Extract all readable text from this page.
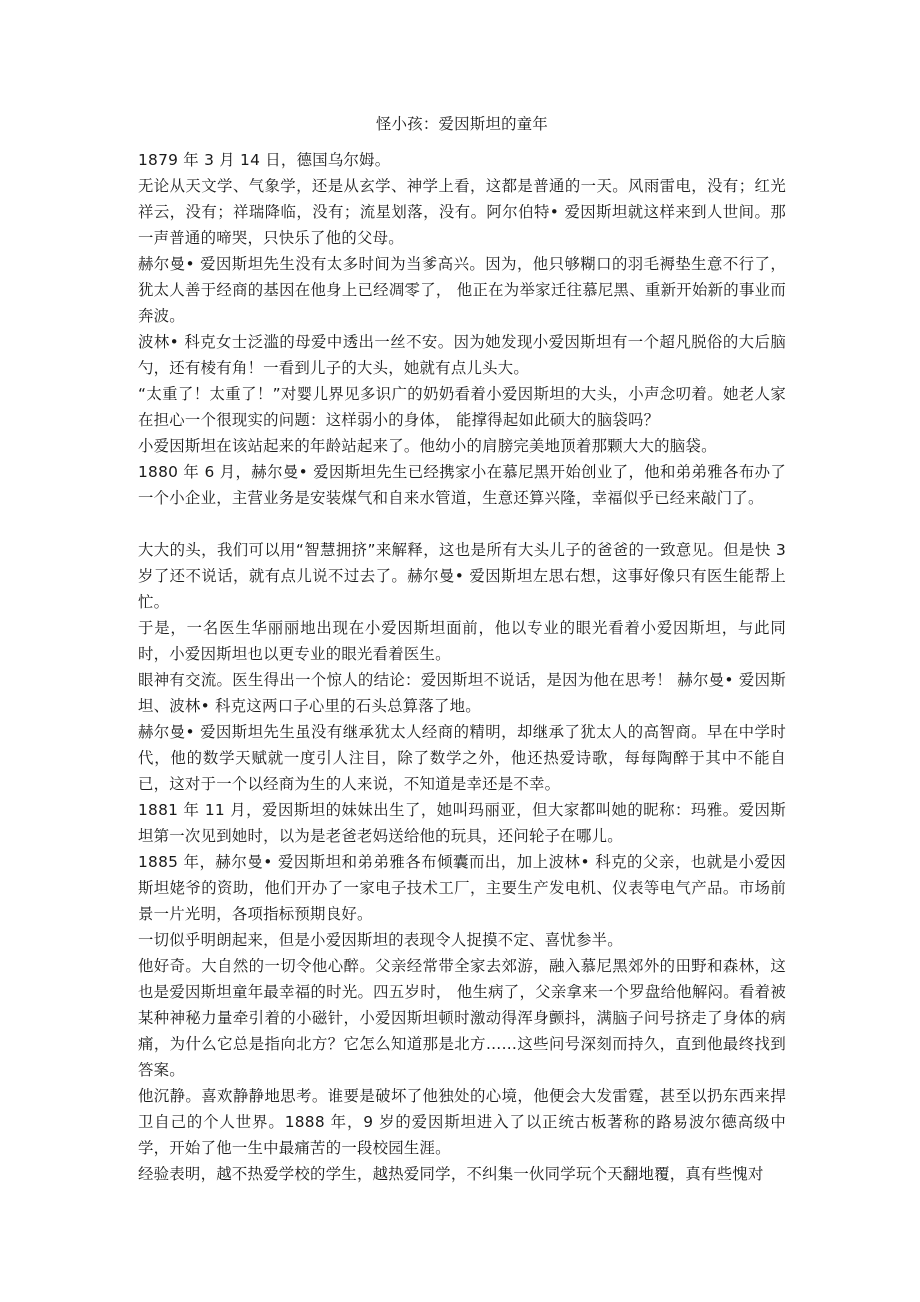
怪小孩：爱因斯坦的童年

1879 年 3 月 14 日，德国乌尔姆。

无论从天文学、气象学，还是从玄学、神学上看，这都是普通的一天。风雨雷电，没有；红光祥云，没有；祥瑞降临，没有；流星划落，没有。阿尔伯特• 爱因斯坦就这样来到人世间。那一声普通的啼哭，只快乐了他的父母。

赫尔曼• 爱因斯坦先生没有太多时间为当爹高兴。因为，他只够糊口的羽毛褥垫生意不行了，犹太人善于经商的基因在他身上已经凋零了， 他正在为举家迁往慕尼黑、重新开始新的事业而奔波。

波林• 科克女士泛滥的母爱中透出一丝不安。因为她发现小爱因斯坦有一个超凡脱俗的大后脑勺，还有棱有角！一看到儿子的大头，她就有点儿头大。

“太重了！太重了！”对婴儿界见多识广的奶奶看着小爱因斯坦的大头，小声念叨着。她老人家在担心一个很现实的问题：这样弱小的身体， 能撑得起如此硕大的脑袋吗？

小爱因斯坦在该站起来的年龄站起来了。他幼小的肩膀完美地顶着那颗大大的脑袋。

1880 年 6 月，赫尔曼• 爱因斯坦先生已经携家小在慕尼黑开始创业了，他和弟弟雅各布办了一个小企业，主营业务是安装煤气和自来水管道，生意还算兴隆，幸福似乎已经来敲门了。

大大的头，我们可以用“智慧拥挤”来解释，这也是所有大头儿子的爸爸的一致意见。但是快 3 岁了还不说话，就有点儿说不过去了。赫尔曼• 爱因斯坦左思右想，这事好像只有医生能帮上忙。

于是，一名医生华丽丽地出现在小爱因斯坦面前，他以专业的眼光看着小爱因斯坦，与此同时，小爱因斯坦也以更专业的眼光看着医生。

眼神有交流。医生得出一个惊人的结论：爱因斯坦不说话，是因为他在思考！ 赫尔曼• 爱因斯坦、波林• 科克这两口子心里的石头总算落了地。

赫尔曼• 爱因斯坦先生虽没有继承犹太人经商的精明，却继承了犹太人的高智商。早在中学时代，他的数学天赋就一度引人注目，除了数学之外，他还热爱诗歌，每每陶醉于其中不能自已，这对于一个以经商为生的人来说，不知道是幸还是不幸。

1881 年 11 月，爱因斯坦的妹妹出生了，她叫玛丽亚，但大家都叫她的昵称：玛雅。爱因斯坦第一次见到她时，以为是老爸老妈送给他的玩具，还问轮子在哪儿。

1885 年，赫尔曼• 爱因斯坦和弟弟雅各布倾囊而出，加上波林• 科克的父亲，也就是小爱因斯坦姥爷的资助，他们开办了一家电子技术工厂，主要生产发电机、仪表等电气产品。市场前景一片光明，各项指标预期良好。

一切似乎明朗起来，但是小爱因斯坦的表现令人捉摸不定、喜忧参半。

他好奇。大自然的一切令他心醉。父亲经常带全家去郊游，融入慕尼黑郊外的田野和森林，这也是爱因斯坦童年最幸福的时光。四五岁时， 他生病了，父亲拿来一个罗盘给他解闷。看着被某种神秘力量牵引着的小磁针，小爱因斯坦顿时激动得浑身颤抖，满脑子问号挤走了身体的病痛，为什么它总是指向北方？它怎么知道那是北方……这些问号深刻而持久，直到他最终找到答案。

他沉静。喜欢静静地思考。谁要是破坏了他独处的心境，他便会大发雷霆，甚至以扔东西来捍卫自己的个人世界。1888 年，9 岁的爱因斯坦进入了以正统古板著称的路易波尔德高级中学，开始了他一生中最痛苦的一段校园生涯。

经验表明，越不热爱学校的学生，越热爱同学，不纠集一伙同学玩个天翻地覆，真有些愧对
